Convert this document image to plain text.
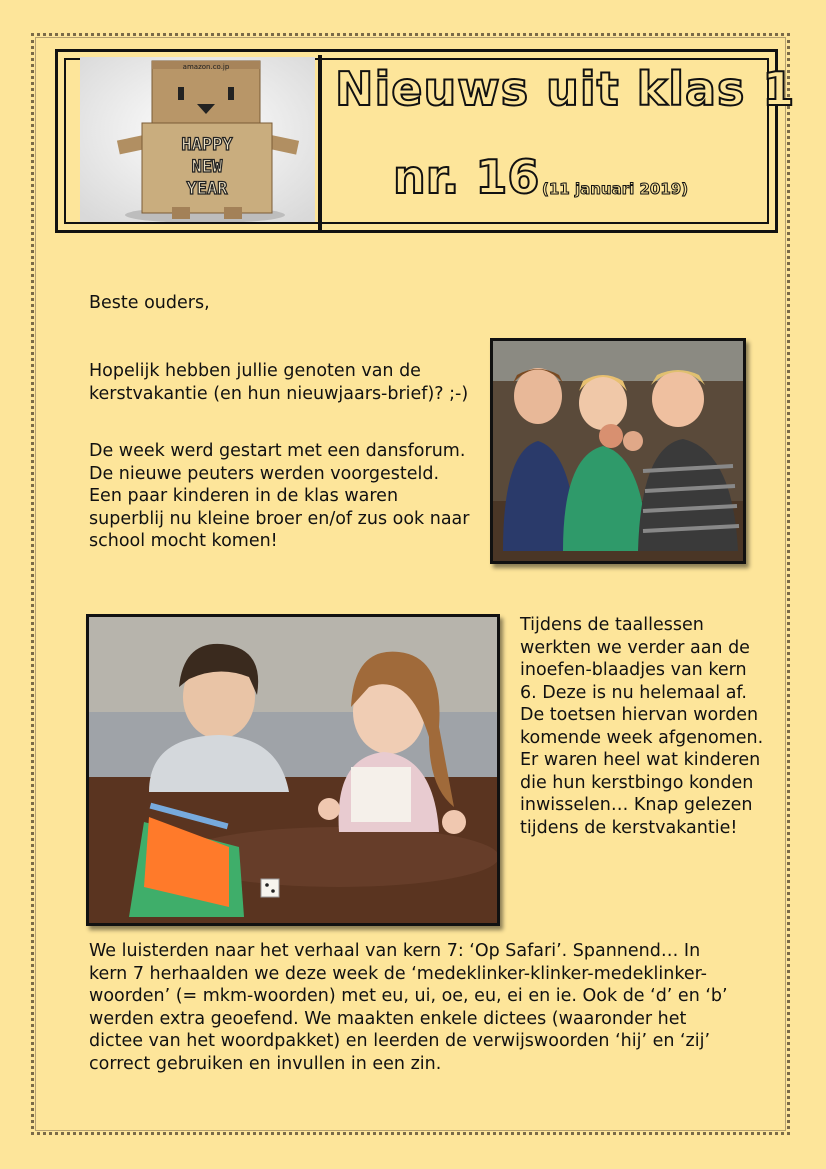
amazon.co.jp
HAPPY
NEW
YEAR
Nieuws uit klas 1
nr. 16 (11 januari 2019)
Beste ouders,
Hopelijk hebben jullie genoten van de kerstvakantie (en hun nieuwjaars-brief)? ;-)
De week werd gestart met een dansforum. De nieuwe peuters werden voorgesteld. Een paar kinderen in de klas waren superblij nu kleine broer en/of zus ook naar school mocht komen!
Tijdens de taallessen werkten we verder aan de inoefen-blaadjes van kern 6. Deze is nu helemaal af. De toetsen hiervan worden komende week afgenomen. Er waren heel wat kinderen die hun kerstbingo konden inwisselen… Knap gelezen tijdens de kerstvakantie!
We luisterden naar het verhaal van kern 7: ‘Op Safari’. Spannend… In kern 7 herhaalden we deze week de ‘medeklinker-klinker-medeklinker-woorden’ (= mkm-woorden) met eu, ui, oe, eu, ei en ie. Ook de ‘d’ en ‘b’ werden extra geoefend. We maakten enkele dictees (waaronder het dictee van het woordpakket) en leerden de verwijswoorden ‘hij’ en ‘zij’ correct gebruiken en invullen in een zin.
